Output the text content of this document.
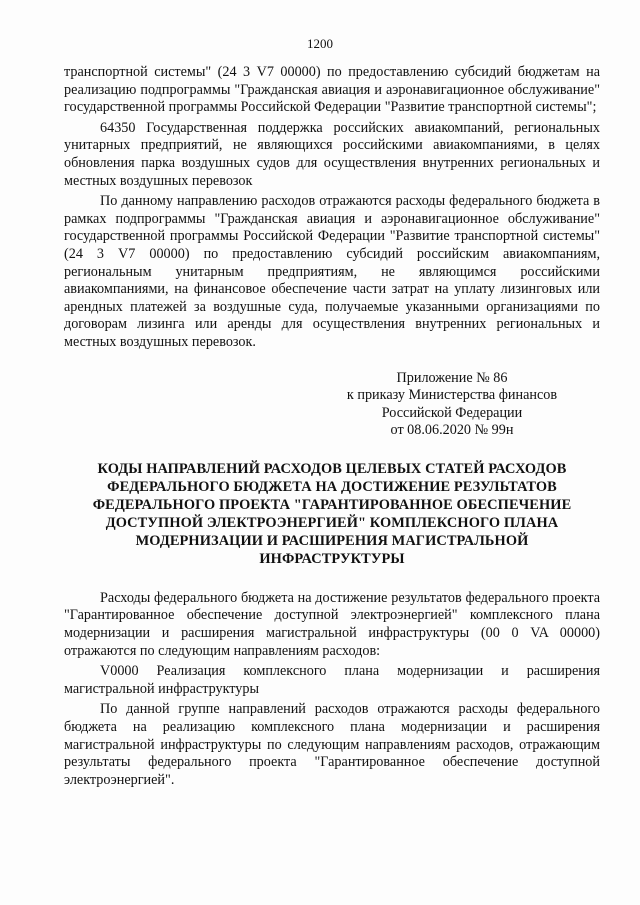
1200

транспортной системы" (24 3 V7 00000) по предоставлению субсидий бюджетам на реализацию подпрограммы "Гражданская авиация и аэронавигационное обслуживание" государственной программы Российской Федерации "Развитие транспортной системы";

64350 Государственная поддержка российских авиакомпаний, региональных унитарных предприятий, не являющихся российскими авиакомпаниями, в целях обновления парка воздушных судов для осуществления внутренних региональных и местных воздушных перевозок

По данному направлению расходов отражаются расходы федерального бюджета в рамках подпрограммы "Гражданская авиация и аэронавигационное обслуживание" государственной программы Российской Федерации "Развитие транспортной системы" (24 3 V7 00000) по предоставлению субсидий российским авиакомпаниям, региональным унитарным предприятиям, не являющимся российскими авиакомпаниями, на финансовое обеспечение части затрат на уплату лизинговых или арендных платежей за воздушные суда, получаемые указанными организациями по договорам лизинга или аренды для осуществления внутренних региональных и местных воздушных перевозок.

Приложение № 86
к приказу Министерства финансов
Российской Федерации
от 08.06.2020 № 99н
КОДЫ НАПРАВЛЕНИЙ РАСХОДОВ ЦЕЛЕВЫХ СТАТЕЙ РАСХОДОВ ФЕДЕРАЛЬНОГО БЮДЖЕТА НА ДОСТИЖЕНИЕ РЕЗУЛЬТАТОВ ФЕДЕРАЛЬНОГО ПРОЕКТА "ГАРАНТИРОВАННОЕ ОБЕСПЕЧЕНИЕ ДОСТУПНОЙ ЭЛЕКТРОЭНЕРГИЕЙ" КОМПЛЕКСНОГО ПЛАНА МОДЕРНИЗАЦИИ И РАСШИРЕНИЯ МАГИСТРАЛЬНОЙ ИНФРАСТРУКТУРЫ

Расходы федерального бюджета на достижение результатов федерального проекта "Гарантированное обеспечение доступной электроэнергией" комплексного плана модернизации и расширения магистральной инфраструктуры (00 0 VA 00000) отражаются по следующим направлениям расходов:

V0000 Реализация комплексного плана модернизации и расширения магистральной инфраструктуры

По данной группе направлений расходов отражаются расходы федерального бюджета на реализацию комплексного плана модернизации и расширения магистральной инфраструктуры по следующим направлениям расходов, отражающим результаты федерального проекта "Гарантированное обеспечение доступной электроэнергией".
